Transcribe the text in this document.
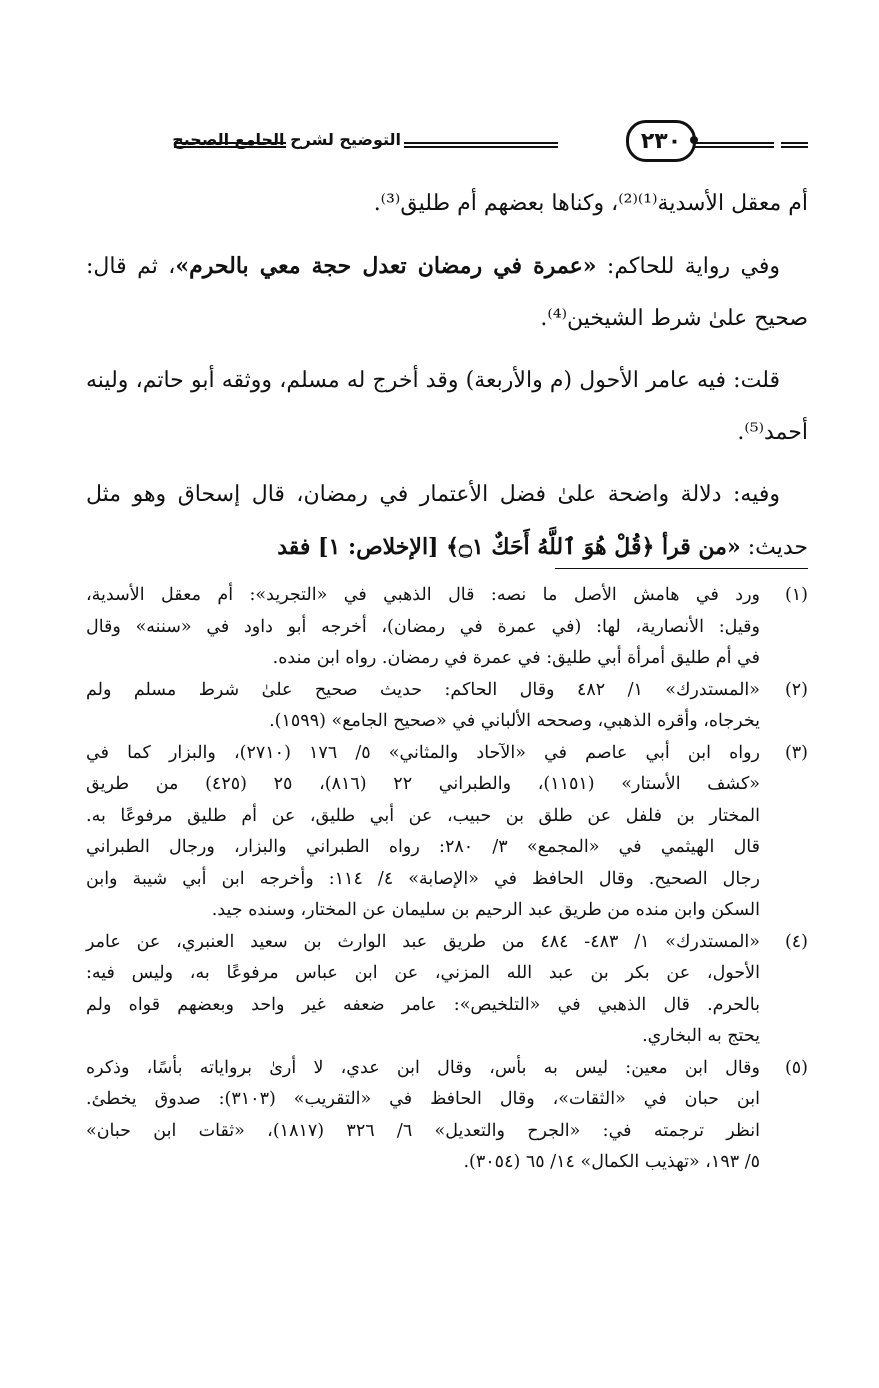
التوضيح لشرح الجامع الصحيح	٢٣٠

أم معقل الأسدية⁽¹⁾⁽²⁾، وكناها بعضهم أم طليق⁽³⁾.

وفي رواية للحاكم: «عمرة في رمضان تعدل حجة معي بالحرم»، ثم قال: صحيح علىٰ شرط الشيخين⁽⁴⁾.

قلت: فيه عامر الأحول (م والأربعة) وقد أخرج له مسلم، ووثقه أبو حاتم، ولينه أحمد⁽⁵⁾.

وفيه: دلالة واضحة علىٰ فضل الأعتمار في رمضان، قال إسحاق وهو مثل حديث: «من قرأ ﴿قُلْ هُوَ ٱللَّهُ أَحَكٌ ۝١﴾ [الإخلاص: ١] فقد

(١)
ورد في هامش الأصل ما نصه: قال الذهبي في «التجريد»: أم معقل الأسدية،
وقيل: الأنصارية، لها: (في عمرة في رمضان)، أخرجه أبو داود في «سننه» وقال
في أم طليق أمرأة أبي طليق: في عمرة في رمضان. رواه ابن منده.
(٢)
«المستدرك» ١/ ٤٨٢ وقال الحاكم: حديث صحيح علىٰ شرط مسلم ولم
يخرجاه، وأقره الذهبي، وصححه الألباني في «صحيح الجامع» (١٥٩٩).
(٣)
رواه ابن أبي عاصم في «الآحاد والمثاني» ٥/ ١٧٦ (٢٧١٠)، والبزار كما في
«كشف الأستار» (١١٥١)، والطبراني ٢٢ (٨١٦)، ٢٥ (٤٢٥) من طريق
المختار بن فلفل عن طلق بن حبيب، عن أبي طليق، عن أم طليق مرفوعًا به.
قال الهيثمي في «المجمع» ٣/ ٢٨٠: رواه الطبراني والبزار، ورجال الطبراني
رجال الصحيح. وقال الحافظ في «الإصابة» ٤/ ١١٤: وأخرجه ابن أبي شيبة وابن
السكن وابن منده من طريق عبد الرحيم بن سليمان عن المختار، وسنده جيد.
(٤)
«المستدرك» ١/ ٤٨٣- ٤٨٤ من طريق عبد الوارث بن سعيد العنبري، عن عامر
الأحول، عن بكر بن عبد الله المزني، عن ابن عباس مرفوعًا به، وليس فيه:
بالحرم. قال الذهبي في «التلخيص»: عامر ضعفه غير واحد وبعضهم قواه ولم
يحتج به البخاري.
(٥)
وقال ابن معين: ليس به بأس، وقال ابن عدي، لا أرىٰ برواياته بأسًا، وذكره
ابن حبان في «الثقات»، وقال الحافظ في «التقريب» (٣١٠٣): صدوق يخطئ.
انظر ترجمته في: «الجرح والتعديل» ٦/ ٣٢٦ (١٨١٧)، «ثقات ابن حبان»
٥/ ١٩٣، «تهذيب الكمال» ١٤/ ٦٥ (٣٠٥٤).
